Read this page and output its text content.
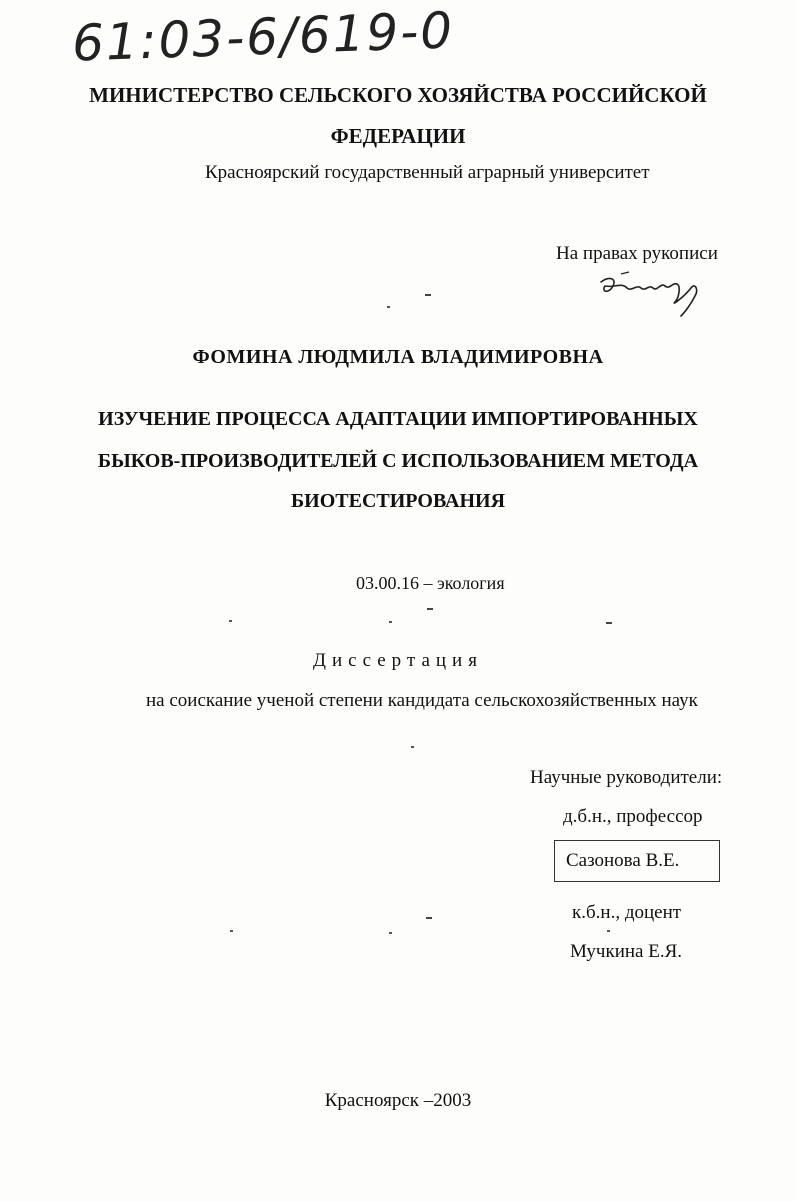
61:03-6/619-0
МИНИСТЕРСТВО СЕЛЬСКОГО ХОЗЯЙСТВА РОССИЙСКОЙ
ФЕДЕРАЦИИ
Красноярский государственный аграрный университет
На правах рукописи
ФОМИНА ЛЮДМИЛА ВЛАДИМИРОВНА
ИЗУЧЕНИЕ ПРОЦЕССА АДАПТАЦИИ ИМПОРТИРОВАННЫХ
БЫКОВ-ПРОИЗВОДИТЕЛЕЙ С ИСПОЛЬЗОВАНИЕМ МЕТОДА
БИОТЕСТИРОВАНИЯ
03.00.16 – экология
Диссертация
на соискание ученой степени кандидата сельскохозяйственных наук
Научные руководители:
д.б.н., профессор
Сазонова В.Е.
к.б.н., доцент
Мучкина Е.Я.
Красноярск –2003
